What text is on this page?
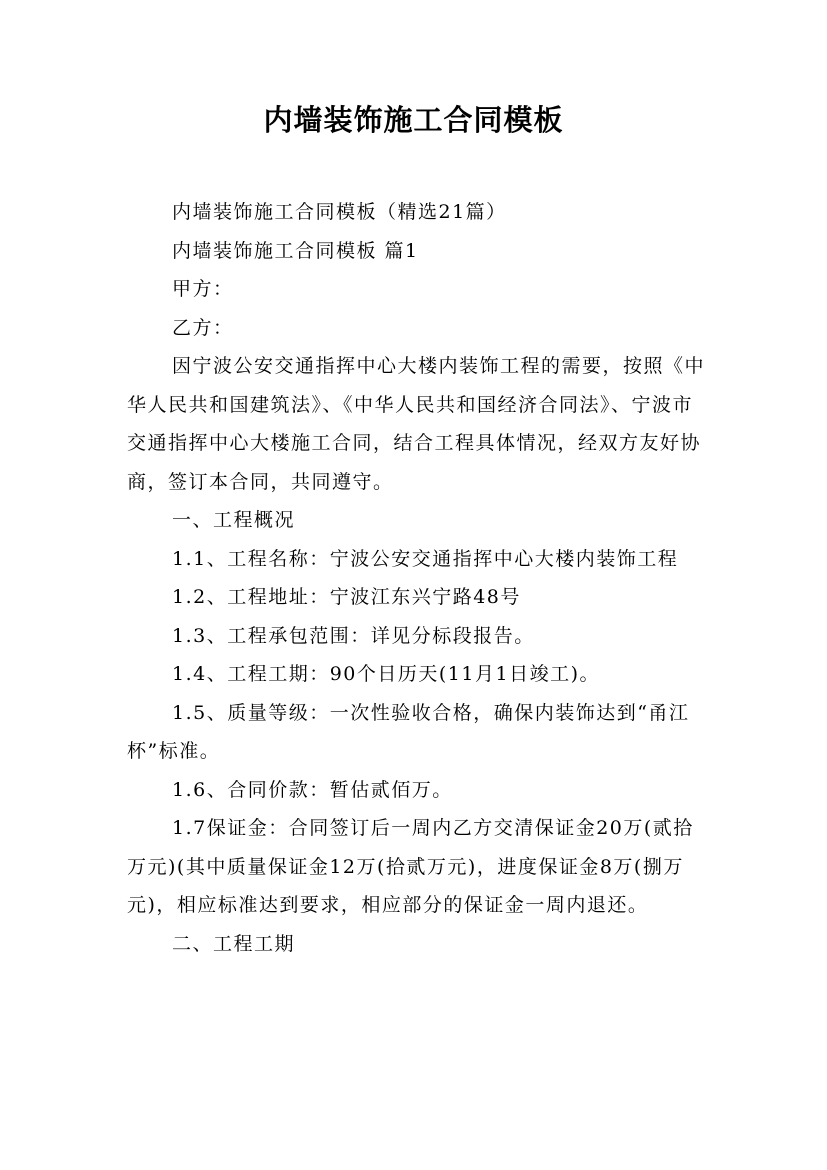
内墙装饰施工合同模板

内墙装饰施工合同模板（精选21篇）

内墙装饰施工合同模板 篇1

甲方：

乙方：

因宁波公安交通指挥中心大楼内装饰工程的需要，按照《中华人民共和国建筑法》、《中华人民共和国经济合同法》、宁波市交通指挥中心大楼施工合同，结合工程具体情况，经双方友好协商，签订本合同，共同遵守。

一、工程概况

1.1、工程名称：宁波公安交通指挥中心大楼内装饰工程

1.2、工程地址：宁波江东兴宁路48号

1.3、工程承包范围：详见分标段报告。

1.4、工程工期：90个日历天(11月1日竣工)。

1.5、质量等级：一次性验收合格，确保内装饰达到“甬江杯”标准。

1.6、合同价款：暂估贰佰万。

1.7保证金：合同签订后一周内乙方交清保证金20万(贰拾万元)(其中质量保证金12万(拾贰万元)，进度保证金8万(捌万元)，相应标准达到要求，相应部分的保证金一周内退还。

二、工程工期
